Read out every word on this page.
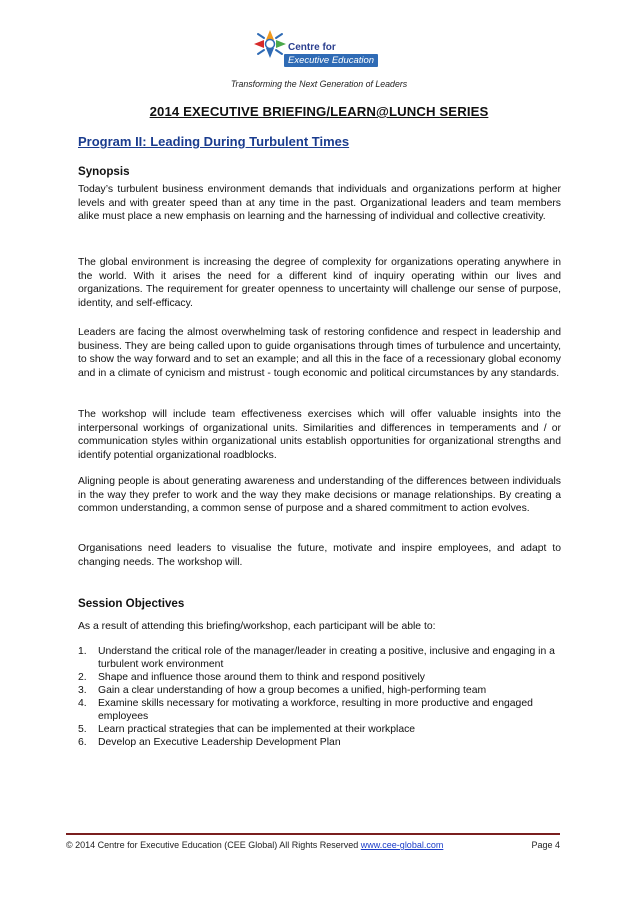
Centre for
Executive Education
Transforming the Next Generation of Leaders
2014 EXECUTIVE BRIEFING/LEARN@LUNCH SERIES
Program II: Leading During Turbulent Times
Synopsis

Today’s turbulent business environment demands that individuals and organizations perform at higher levels and with greater speed than at any time in the past. Organizational leaders and team members alike must place a new emphasis on learning and the harnessing of individual and collective creativity.

The global environment is increasing the degree of complexity for organizations operating anywhere in the world. With it arises the need for a different kind of inquiry operating within our lives and organizations. The requirement for greater openness to uncertainty will challenge our sense of purpose, identity, and self-efficacy.

Leaders are facing the almost overwhelming task of restoring confidence and respect in leadership and business. They are being called upon to guide organisations through times of turbulence and uncertainty, to show the way forward and to set an example; and all this in the face of a recessionary global economy and in a climate of cynicism and mistrust - tough economic and political circumstances by any standards.

The workshop will include team effectiveness exercises which will offer valuable insights into the interpersonal workings of organizational units. Similarities and differences in temperaments and / or communication styles within organizational units establish opportunities for organizational strengths and identify potential organizational roadblocks.

Aligning people is about generating awareness and understanding of the differences between individuals in the way they prefer to work and the way they make decisions or manage relationships. By creating a common understanding, a common sense of purpose and a shared commitment to action evolves.

Organisations need leaders to visualise the future, motivate and inspire employees, and adapt to changing needs. The workshop will.

Session Objectives

As a result of attending this briefing/workshop, each participant will be able to:

1. Understand the critical role of the manager/leader in creating a positive, inclusive and engaging in a turbulent work environment
2. Shape and influence those around them to think and respond positively
3. Gain a clear understanding of how a group becomes a unified, high-performing team
4. Examine skills necessary for motivating a workforce, resulting in more productive and engaged employees
5. Learn practical strategies that can be implemented at their workplace
6. Develop an Executive Leadership Development Plan
© 2014 Centre for Executive Education (CEE Global) All Rights Reserved www.cee-global.com	Page 4
